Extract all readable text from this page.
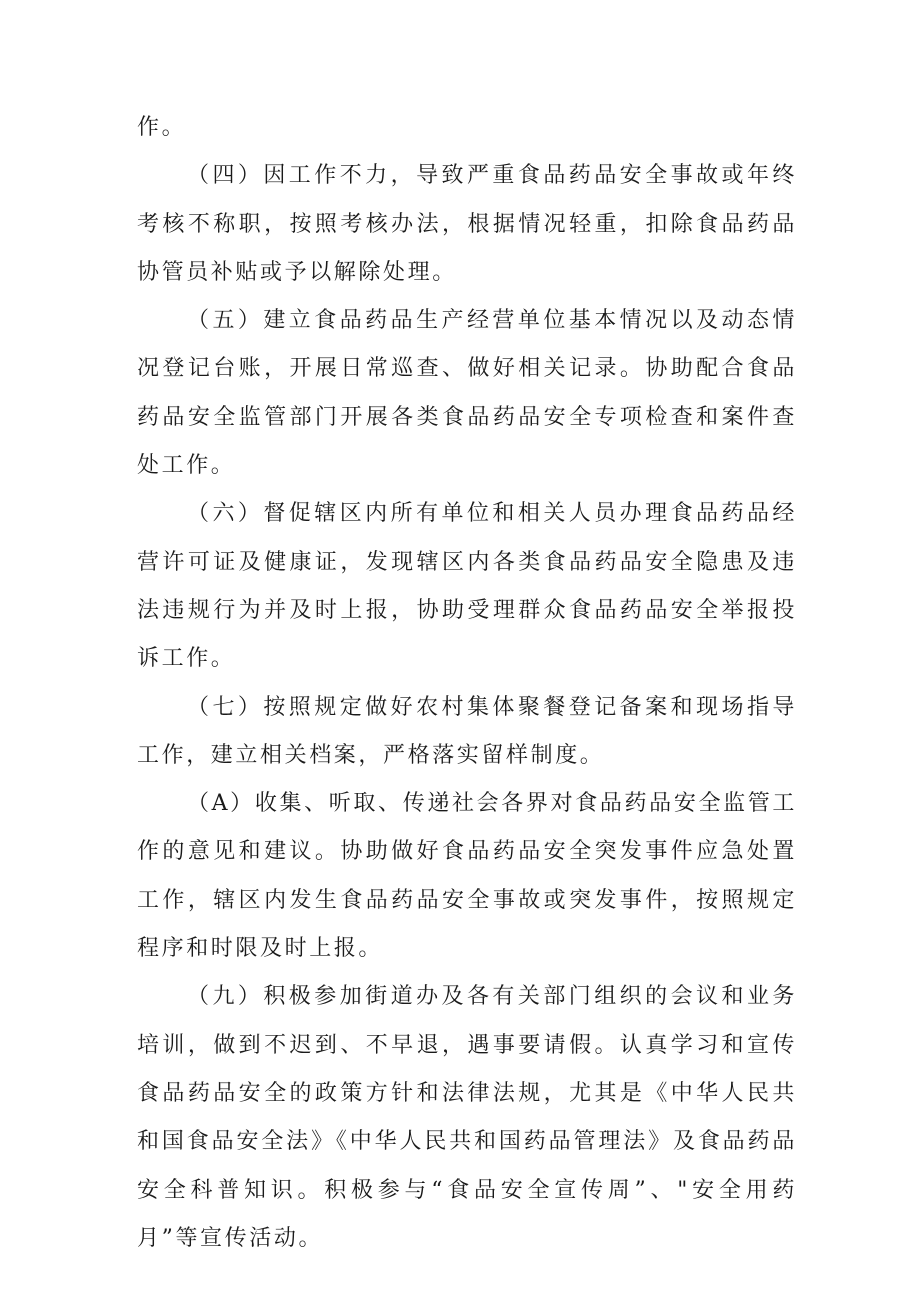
作。

（四）因工作不力，导致严重食品药品安全事故或年终考核不称职，按照考核办法，根据情况轻重，扣除食品药品协管员补贴或予以解除处理。

（五）建立食品药品生产经营单位基本情况以及动态情况登记台账，开展日常巡查、做好相关记录。协助配合食品药品安全监管部门开展各类食品药品安全专项检查和案件查处工作。

（六）督促辖区内所有单位和相关人员办理食品药品经营许可证及健康证，发现辖区内各类食品药品安全隐患及违法违规行为并及时上报，协助受理群众食品药品安全举报投诉工作。

（七）按照规定做好农村集体聚餐登记备案和现场指导工作，建立相关档案，严格落实留样制度。

（A）收集、听取、传递社会各界对食品药品安全监管工作的意见和建议。协助做好食品药品安全突发事件应急处置工作，辖区内发生食品药品安全事故或突发事件，按照规定程序和时限及时上报。

（九）积极参加街道办及各有关部门组织的会议和业务培训，做到不迟到、不早退，遇事要请假。认真学习和宣传食品药品安全的政策方针和法律法规，尤其是《中华人民共和国食品安全法》《中华人民共和国药品管理法》及食品药品安全科普知识。积极参与“食品安全宣传周”、"安全用药月”等宣传活动。
